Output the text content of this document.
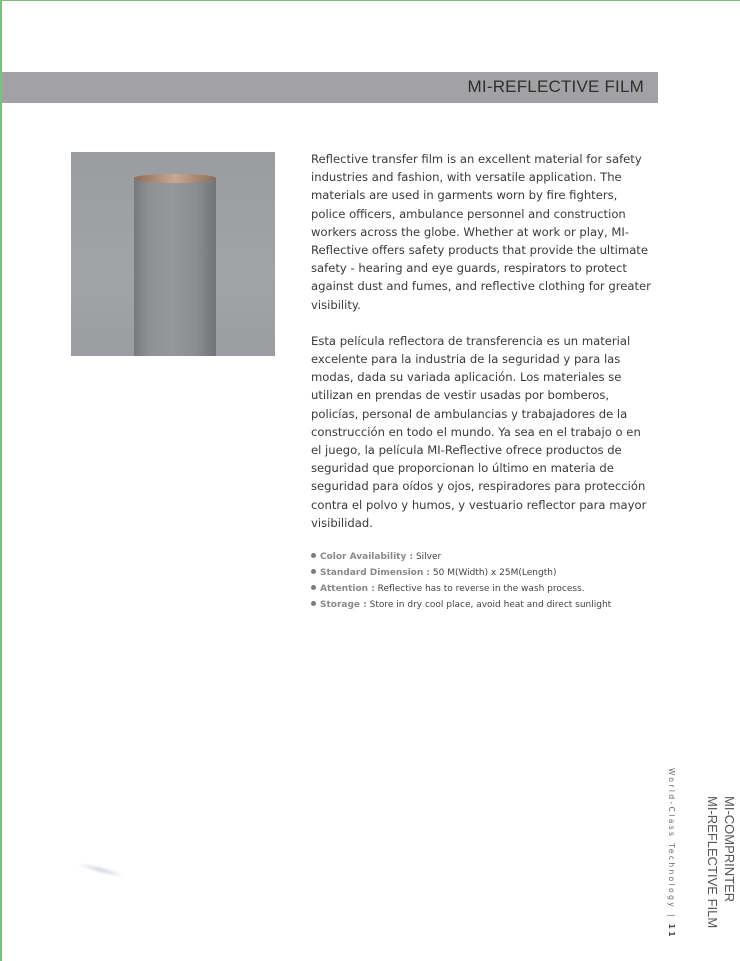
MI-REFLECTIVE FILM

Reflective transfer film is an excellent material for safety industries and fashion, with versatile application. The materials are used in garments worn by fire fighters, police officers, ambulance personnel and construction workers across the globe. Whether at work or play, MI-Reflective offers safety products that provide the ultimate safety - hearing and eye guards, respirators to protect against dust and fumes, and reflective clothing for greater visibility.

Esta película reflectora de transferencia es un material excelente para la industria de la seguridad y para las modas, dada su variada aplicación. Los materiales se utilizan en prendas de vestir usadas por bomberos, policías, personal de ambulancias y trabajadores de la construcción en todo el mundo. Ya sea en el trabajo o en el juego, la película MI-Reflective ofrece productos de seguridad que proporcionan lo último en materia de seguridad para oídos y ojos, respiradores para protección contra el polvo y humos, y vestuario reflector para mayor visibilidad.

Color Availability : Silver
Standard Dimension : 50 M(Width) x 25M(Length)
Attention : Reflective has to reverse in the wash process.
Storage : Store in dry cool place, avoid heat and direct sunlight
World-Class Technology | 11
MI-COMPRINTER
MI-REFLECTIVE FILM
